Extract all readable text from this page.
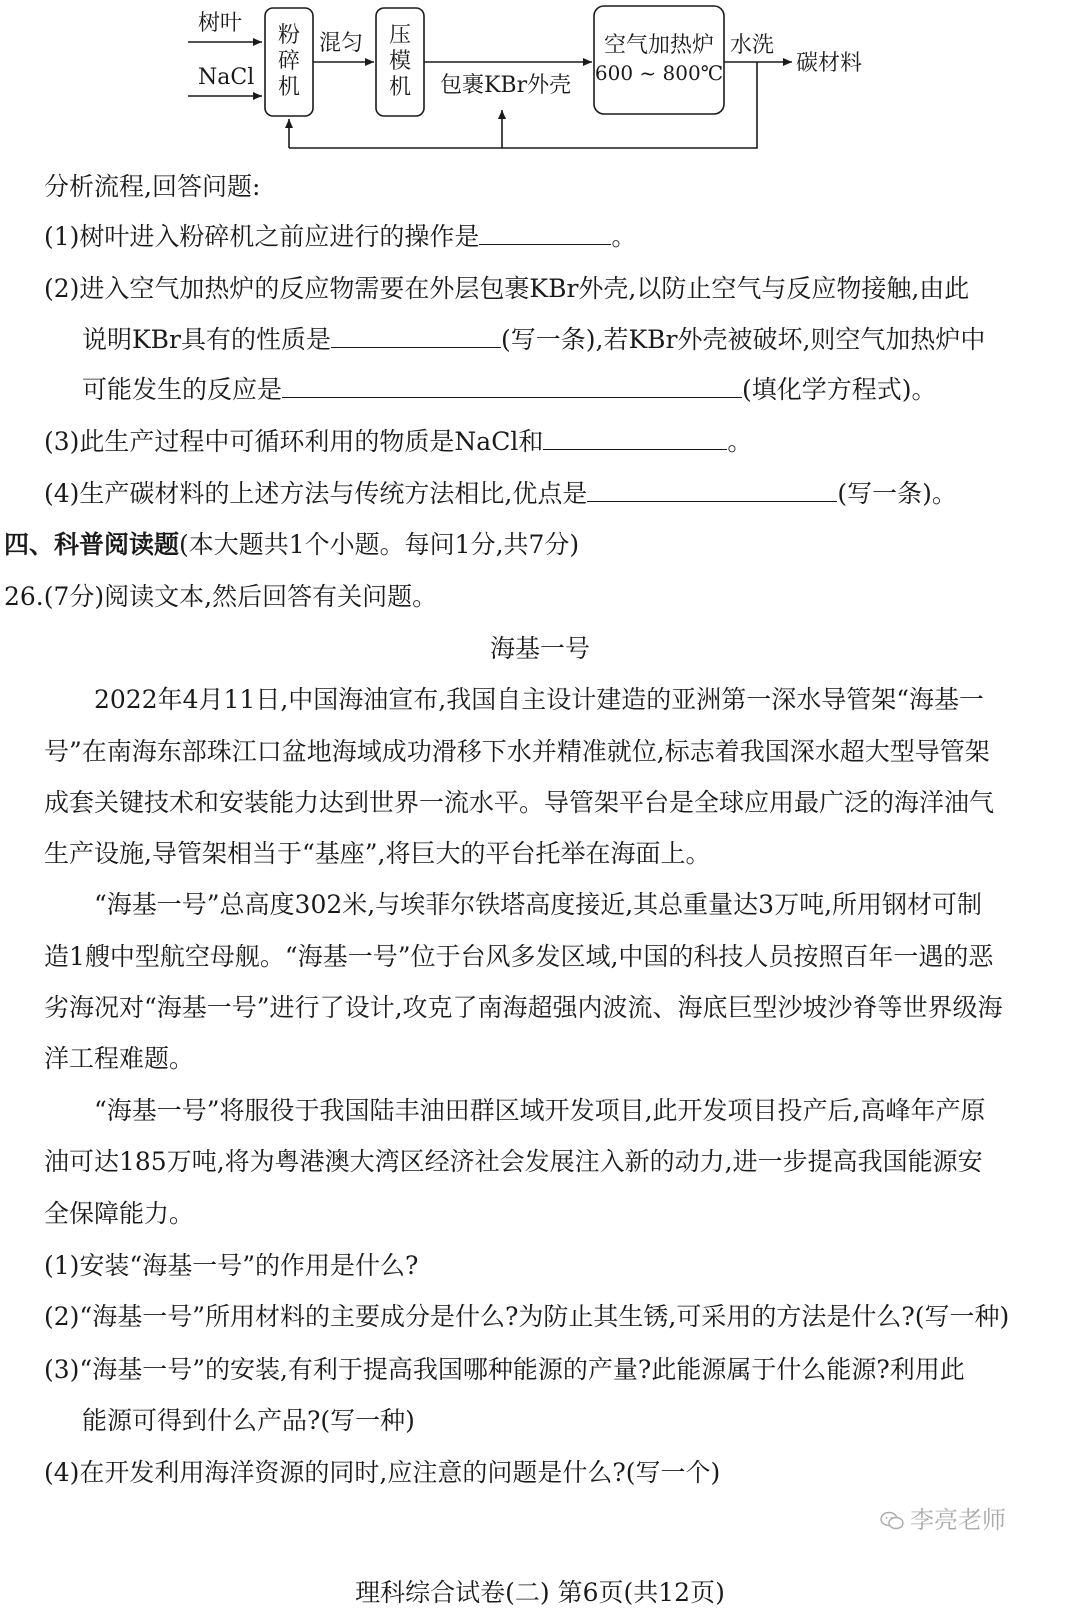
树叶
NaCl
粉
碎
机
混匀 压
模
机 包裹KBr外壳
空气加热炉
600 ~ 800℃
水洗
碳材料
分析流程,回答问题:
(1)树叶进入粉碎机之前应进行的操作是	。
(2)进入空气加热炉的反应物需要在外层包裹KBr外壳,以防止空气与反应物接触,由此
说明KBr具有的性质是	(写一条),若KBr外壳被破坏,则空气加热炉中
可能发生的反应是	(填化学方程式)。
(3)此生产过程中可循环利用的物质是NaCl和	。
(4)生产碳材料的上述方法与传统方法相比,优点是	(写一条)。
四、科普阅读题(本大题共1个小题。每问1分,共7分)
26.(7分)阅读文本,然后回答有关问题。
海基一号
2022年4月11日,中国海油宣布,我国自主设计建造的亚洲第一深水导管架“海基一
号”在南海东部珠江口盆地海域成功滑移下水并精准就位,标志着我国深水超大型导管架
成套关键技术和安装能力达到世界一流水平。导管架平台是全球应用最广泛的海洋油气
生产设施,导管架相当于“基座”,将巨大的平台托举在海面上。
“海基一号”总高度302米,与埃菲尔铁塔高度接近,其总重量达3万吨,所用钢材可制
造1艘中型航空母舰。“海基一号”位于台风多发区域,中国的科技人员按照百年一遇的恶
劣海况对“海基一号”进行了设计,攻克了南海超强内波流、海底巨型沙坡沙脊等世界级海
洋工程难题。
“海基一号”将服役于我国陆丰油田群区域开发项目,此开发项目投产后,高峰年产原
油可达185万吨,将为粤港澳大湾区经济社会发展注入新的动力,进一步提高我国能源安
全保障能力。
(1)安装“海基一号”的作用是什么?
(2)“海基一号”所用材料的主要成分是什么?为防止其生锈,可采用的方法是什么?(写一种)
(3)“海基一号”的安装,有利于提高我国哪种能源的产量?此能源属于什么能源?利用此
能源可得到什么产品?(写一种)
(4)在开发利用海洋资源的同时,应注意的问题是什么?(写一个)
李亮老师
理科综合试卷(二) 第6页(共12页)
